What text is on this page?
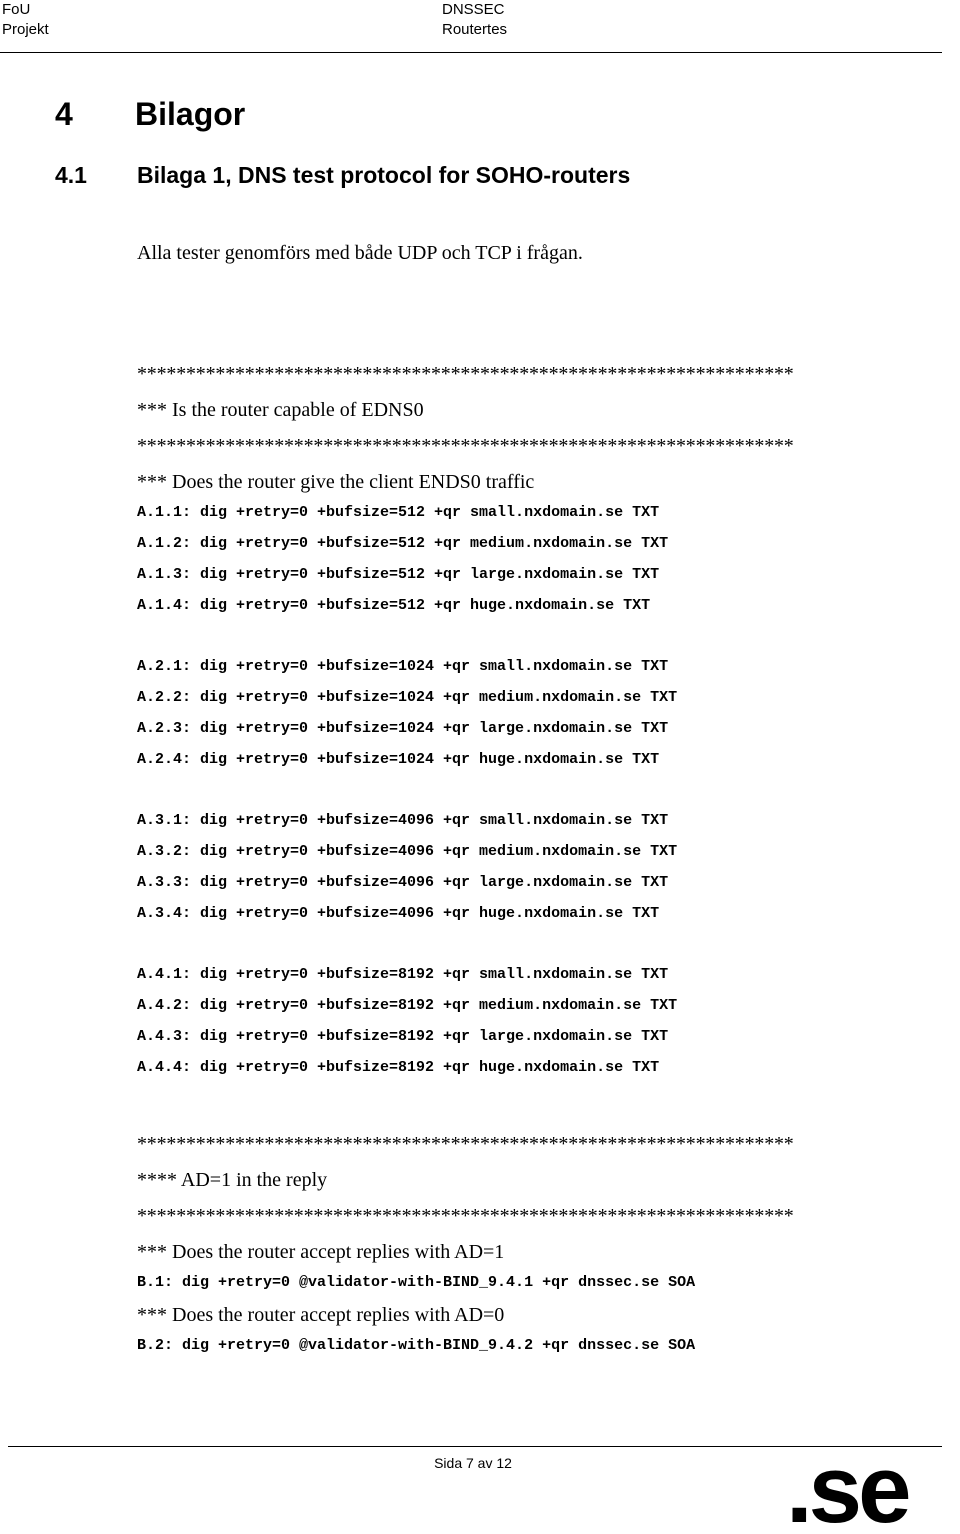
FoU
Projekt
DNSSEC
Routertes
4 Bilagor
4.1 Bilaga 1, DNS test protocol for SOHO-routers
Alla tester genomförs med både UDP och TCP i frågan.
*******************************************************************
*** Is the router capable of EDNS0
*******************************************************************
*** Does the router give the client ENDS0 traffic
A.1.1: dig +retry=0 +bufsize=512 +qr small.nxdomain.se TXT
A.1.2: dig +retry=0 +bufsize=512 +qr medium.nxdomain.se TXT
A.1.3: dig +retry=0 +bufsize=512 +qr large.nxdomain.se TXT
A.1.4: dig +retry=0 +bufsize=512 +qr huge.nxdomain.se TXT
A.2.1: dig +retry=0 +bufsize=1024 +qr small.nxdomain.se TXT
A.2.2: dig +retry=0 +bufsize=1024 +qr medium.nxdomain.se TXT
A.2.3: dig +retry=0 +bufsize=1024 +qr large.nxdomain.se TXT
A.2.4: dig +retry=0 +bufsize=1024 +qr huge.nxdomain.se TXT
A.3.1: dig +retry=0 +bufsize=4096 +qr small.nxdomain.se TXT
A.3.2: dig +retry=0 +bufsize=4096 +qr medium.nxdomain.se TXT
A.3.3: dig +retry=0 +bufsize=4096 +qr large.nxdomain.se TXT
A.3.4: dig +retry=0 +bufsize=4096 +qr huge.nxdomain.se TXT
A.4.1: dig +retry=0 +bufsize=8192 +qr small.nxdomain.se TXT
A.4.2: dig +retry=0 +bufsize=8192 +qr medium.nxdomain.se TXT
A.4.3: dig +retry=0 +bufsize=8192 +qr large.nxdomain.se TXT
A.4.4: dig +retry=0 +bufsize=8192 +qr huge.nxdomain.se TXT
*******************************************************************
**** AD=1 in the reply
*******************************************************************
*** Does the router accept replies with AD=1
B.1: dig +retry=0 @validator-with-BIND_9.4.1 +qr dnssec.se SOA
*** Does the router accept replies with AD=0
B.2: dig +retry=0 @validator-with-BIND_9.4.2 +qr dnssec.se SOA
Sida 7 av 12	.se
